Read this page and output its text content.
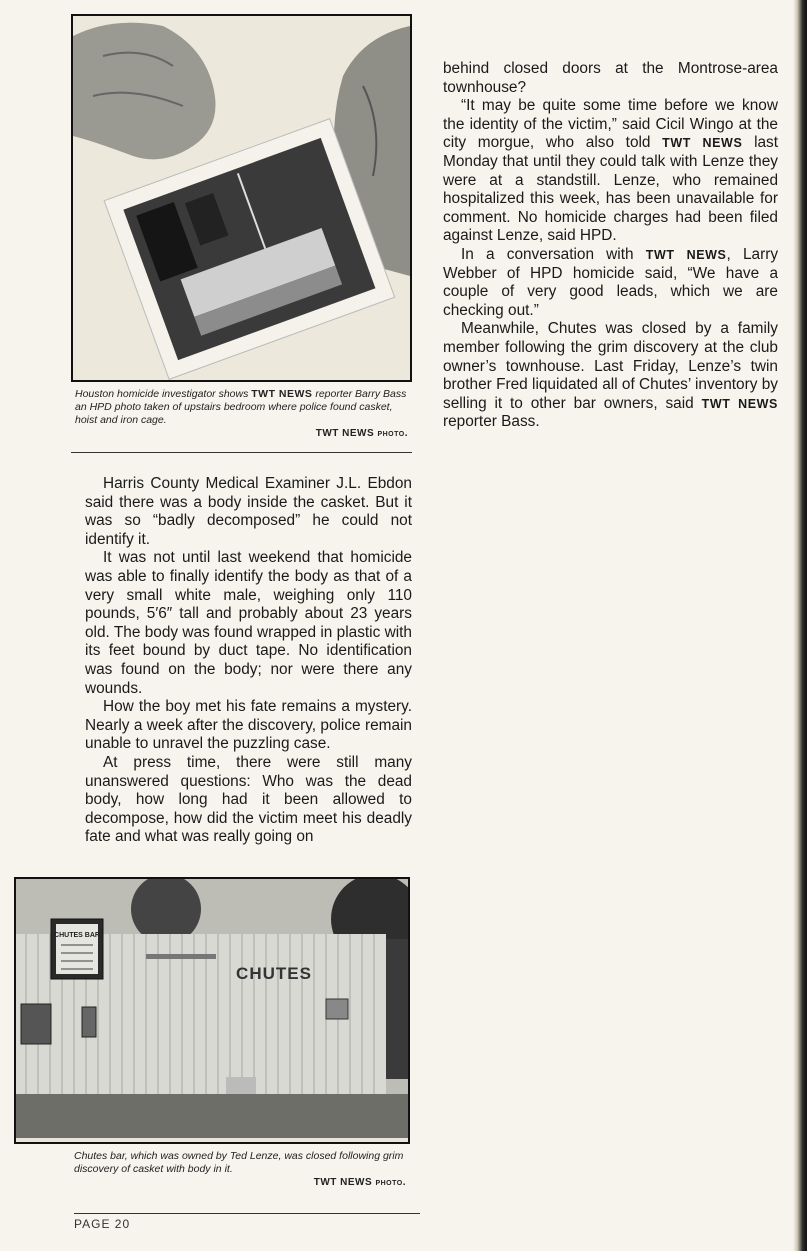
Houston homicide investigator shows TWT NEWS reporter Barry Bass an HPD photo taken of upstairs bedroom where police found casket, hoist and iron cage.
TWT NEWS photo.

Harris County Medical Examiner J.L. Ebdon said there was a body inside the casket. But it was so “badly decomposed” he could not identify it.

It was not until last weekend that homicide was able to finally identify the body as that of a very small white male, weighing only 110 pounds, 5′6″ tall and probably about 23 years old. The body was found wrapped in plastic with its feet bound by duct tape. No identification was found on the body; nor were there any wounds.

How the boy met his fate remains a mystery. Nearly a week after the discovery, police remain unable to unravel the puzzling case.

At press time, there were still many unanswered questions: Who was the dead body, how long had it been allowed to decompose, how did the victim meet his deadly fate and what was really going on

behind closed doors at the Montrose-area townhouse?

“It may be quite some time before we know the identity of the victim,” said Cicil Wingo at the city morgue, who also told TWT NEWS last Monday that until they could talk with Lenze they were at a standstill. Lenze, who remained hospitalized this week, has been unavailable for comment. No homicide charges had been filed against Lenze, said HPD.

In a conversation with TWT NEWS, Larry Webber of HPD homicide said, “We have a couple of very good leads, which we are checking out.”

Meanwhile, Chutes was closed by a family member following the grim discovery at the club owner’s townhouse. Last Friday, Lenze’s twin brother Fred liquidated all of Chutes’ inventory by selling it to other bar owners, said TWT NEWS reporter Bass.

CHUTES BAR
CHUTES
Chutes bar, which was owned by Ted Lenze, was closed following grim discovery of casket with body in it.
TWT NEWS photo.
PAGE 20
